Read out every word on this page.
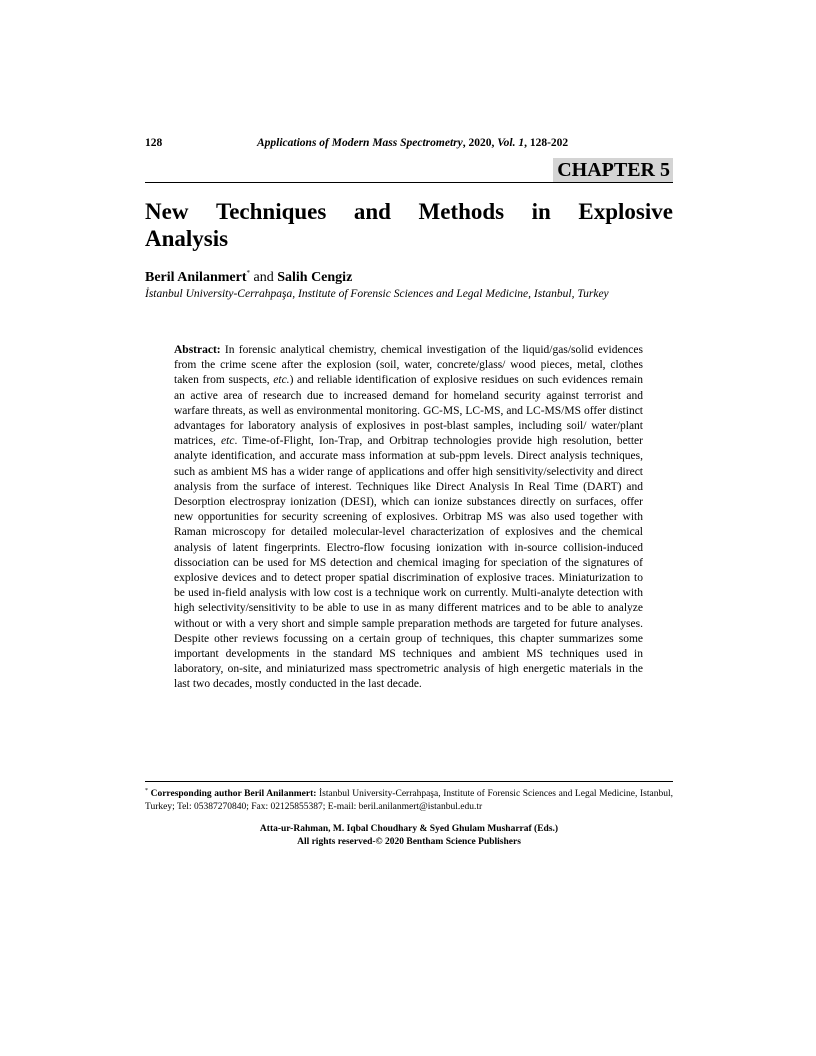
128	Applications of Modern Mass Spectrometry, 2020, Vol. 1, 128-202
CHAPTER 5
New Techniques and Methods in Explosive
Analysis
Beril Anilanmert* and Salih Cengiz

İstanbul University-Cerrahpaşa, Institute of Forensic Sciences and Legal Medicine, Istanbul, Turkey

Abstract: In forensic analytical chemistry, chemical investigation of the liquid/gas/solid evidences from the crime scene after the explosion (soil, water, concrete/glass/ wood pieces, metal, clothes taken from suspects, etc.) and reliable identification of explosive residues on such evidences remain an active area of research due to increased demand for homeland security against terrorist and warfare threats, as well as environmental monitoring. GC-MS, LC-MS, and LC-MS/MS offer distinct advantages for laboratory analysis of explosives in post-blast samples, including soil/ water/plant matrices, etc. Time-of-Flight, Ion-Trap, and Orbitrap technologies provide high resolution, better analyte identification, and accurate mass information at sub-ppm levels. Direct analysis techniques, such as ambient MS has a wider range of applications and offer high sensitivity/selectivity and direct analysis from the surface of interest. Techniques like Direct Analysis In Real Time (DART) and Desorption electrospray ionization (DESI), which can ionize substances directly on surfaces, offer new opportunities for security screening of explosives. Orbitrap MS was also used together with Raman microscopy for detailed molecular-level characterization of explosives and the chemical analysis of latent fingerprints. Electro-flow focusing ionization with in-source collision-induced dissociation can be used for MS detection and chemical imaging for speciation of the signatures of explosive devices and to detect proper spatial discrimination of explosive traces. Miniaturization to be used in-field analysis with low cost is a technique work on currently. Multi-analyte detection with high selectivity/sensitivity to be able to use in as many different matrices and to be able to analyze without or with a very short and simple sample preparation methods are targeted for future analyses. Despite other reviews focussing on a certain group of techniques, this chapter summarizes some important developments in the standard MS techniques and ambient MS techniques used in laboratory, on-site, and miniaturized mass spectrometric analysis of high energetic materials in the last two decades, mostly conducted in the last decade.

* Corresponding author Beril Anilanmert: İstanbul University-Cerrahpaşa, Institute of Forensic Sciences and Legal Medicine, Istanbul, Turkey; Tel: 05387270840; Fax: 02125855387; E-mail: beril.anilanmert@istanbul.edu.tr

Atta-ur-Rahman, M. Iqbal Choudhary & Syed Ghulam Musharraf (Eds.)
All rights reserved-© 2020 Bentham Science Publishers
